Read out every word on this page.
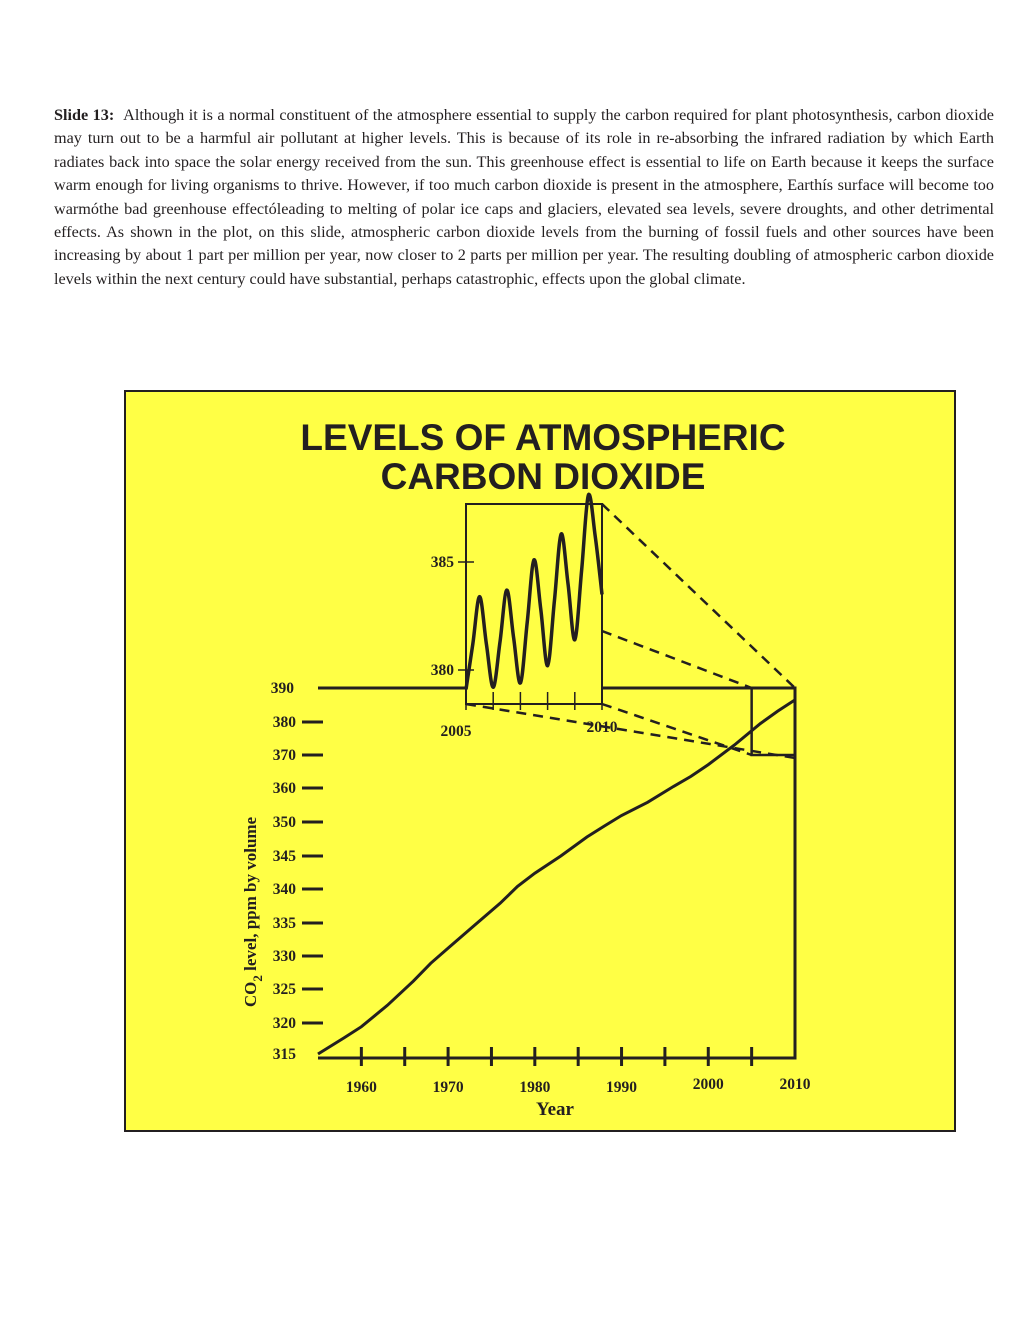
Slide 13: Although it is a normal constituent of the atmosphere essential to supply the carbon required for plant photosynthesis, carbon dioxide may turn out to be a harmful air pollutant at higher levels. This is because of its role in re-absorbing the infrared radiation by which Earth radiates back into space the solar energy received from the sun. This greenhouse effect is essential to life on Earth because it keeps the surface warm enough for living organisms to thrive. However, if too much carbon dioxide is present in the atmosphere, Earthís surface will become too warmóthe bad greenhouse effectóleading to melting of polar ice caps and glaciers, elevated sea levels, severe droughts, and other detrimental effects. As shown in the plot, on this slide, atmospheric carbon dioxide levels from the burning of fossil fuels and other sources have been increasing by about 1 part per million per year, now closer to 2 parts per million per year. The resulting doubling of atmospheric carbon dioxide levels within the next century could have substantial, perhaps catastrophic, effects upon the global climate.

LEVELS OF ATMOSPHERIC
CARBON DIOXIDE
390
380
370
360
350
345
340
335
330
325
320
315
1960	1970	1980	1990	2000	2010
Year
$CO_2$ level, ppm by volume
385
380
2005	2010
